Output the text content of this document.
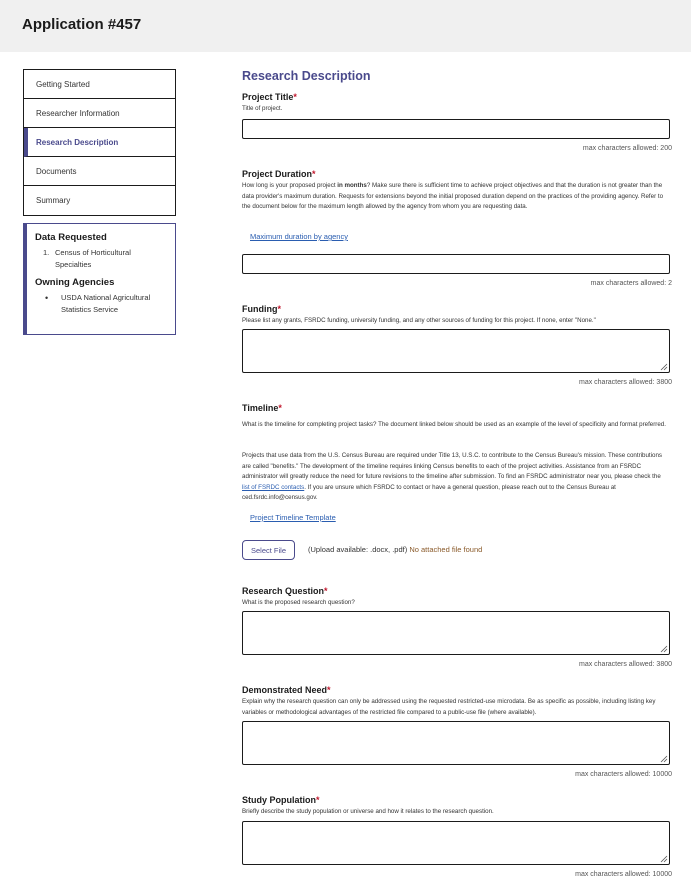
Application #457
Getting Started
Researcher Information
Research Description
Documents
Summary
Data Requested
1. Census of Horticultural Specialties
Owning Agencies
•	USDA National Agricultural Statistics Service
Research Description
Project Title*
Title of project.
max characters allowed: 200
Project Duration*
How long is your proposed project in months? Make sure there is sufficient time to achieve project objectives and that the duration is not greater than the data provider's maximum duration. Requests for extensions beyond the initial proposed duration depend on the practices of the providing agency. Refer to the document below for the maximum length allowed by the agency from whom you are requesting data.
Maximum duration by agency
max characters allowed: 2
Funding*
Please list any grants, FSRDC funding, university funding, and any other sources of funding for this project. If none, enter "None."
max characters allowed: 3800
Timeline*
What is the timeline for completing project tasks? The document linked below should be used as an example of the level of specificity and format preferred.
Projects that use data from the U.S. Census Bureau are required under Title 13, U.S.C. to contribute to the Census Bureau's mission. These contributions are called "benefits." The development of the timeline requires linking Census benefits to each of the project activities. Assistance from an FSRDC administrator will greatly reduce the need for future revisions to the timeline after submission. To find an FSRDC administrator near you, please check the list of FSRDC contacts. If you are unsure which FSRDC to contact or have a general question, please reach out to the Census Bureau at ced.fsrdc.info@census.gov.
Project Timeline Template
Select File	(Upload available: .docx, .pdf) No attached file found
Research Question*
What is the proposed research question?
max characters allowed: 3800
Demonstrated Need*
Explain why the research question can only be addressed using the requested restricted-use microdata. Be as specific as possible, including listing key variables or methodological advantages of the restricted file compared to a public-use file (where available).
max characters allowed: 10000
Study Population*
Briefly describe the study population or universe and how it relates to the research question.
max characters allowed: 10000
